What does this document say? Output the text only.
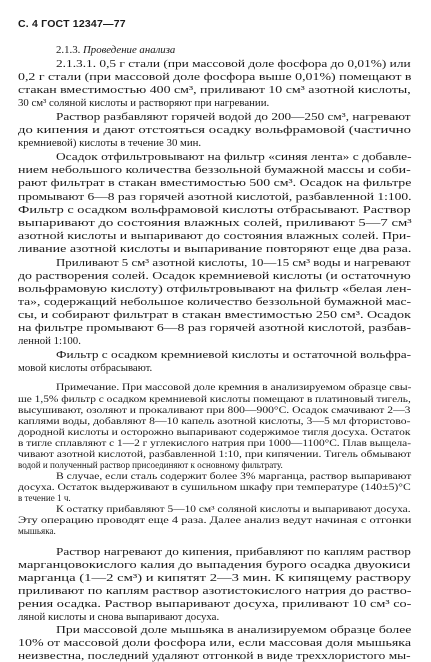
С. 4 ГОСТ 12347—77
2.1.3. Проведение анализа
2.1.3.1. 0,5 г стали (при массовой доле фосфора до 0,01%) или
0,2 г стали (при массовой доле фосфора выше 0,01%) помещают в
стакан вместимостью 400 см³, приливают 10 см³ азотной кислоты,
30 см³ соляной кислоты и растворяют при нагревании.
Раствор разбавляют горячей водой до 200—250 см³, нагревают
до кипения и дают отстояться осадку вольфрамовой (частично
кремниевой) кислоты в течение 30 мин.
Осадок отфильтровывают на фильтр «синяя лента» с добавле-
нием небольшого количества беззольной бумажной массы и соби-
рают фильтрат в стакан вместимостью 500 см³. Осадок на фильтре
промывают 6—8 раз горячей азотной кислотой, разбавленной 1:100.
Фильтр с осадком вольфрамовой кислоты отбрасывают. Раствор
выпаривают до состояния влажных солей, приливают 5—7 см³
азотной кислоты и выпаривают до состояния влажных солей. При-
ливание азотной кислоты и выпаривание повторяют еще два раза.
Приливают 5 см³ азотной кислоты, 10—15 см³ воды и нагревают
до растворения солей. Осадок кремниевой кислоты (и остаточную
вольфрамовую кислоту) отфильтровывают на фильтр «белая лен-
та», содержащий небольшое количество беззольной бумажной мас-
сы, и собирают фильтрат в стакан вместимостью 250 см³. Осадок
на фильтре промывают 6—8 раз горячей азотной кислотой, разбав-
ленной 1:100.
Фильтр с осадком кремниевой кислоты и остаточной вольфра-
мовой кислоты отбрасывают.
Примечание. При массовой доле кремния в анализируемом образце свы-
ше 1,5% фильтр с осадком кремниевой кислоты помещают в платиновый тигель,
высушивают, озоляют и прокаливают при 800—900°С. Осадок смачивают 2—3
каплями воды, добавляют 8—10 капель азотной кислоты, 3—5 мл фтористово-
дородной кислоты и осторожно выпаривают содержимое тигля досуха. Остаток
в тигле сплавляют с 1—2 г углекислого натрия при 1000—1100°С. Плав выщела-
чивают азотной кислотой, разбавленной 1:10, при кипячении. Тигель обмывают
водой и полученный раствор присоединяют к основному фильтрату.
В случае, если сталь содержит более 3% марганца, раствор выпаривают
досуха. Остаток выдерживают в сушильном шкафу при температуре (140±5)°С
в течение 1 ч.
К остатку прибавляют 5—10 см³ соляной кислоты и выпаривают досуха.
Эту операцию проводят еще 4 раза. Далее анализ ведут начиная с отгонки
мышьяка.
Раствор нагревают до кипения, прибавляют по каплям раствор
марганцовокислого калия до выпадения бурого осадка двуокиси
марганца (1—2 см³) и кипятят 2—3 мин. К кипящему раствору
приливают по каплям раствор азотистокислого натрия до раство-
рения осадка. Раствор выпаривают досуха, приливают 10 см³ со-
ляной кислоты и снова выпаривают досуха.
При массовой доле мышьяка в анализируемом образце более
10% от массовой доли фосфора или, если массовая доля мышьяка
неизвестна, последний удаляют отгонкой в виде треххлористого мы-
